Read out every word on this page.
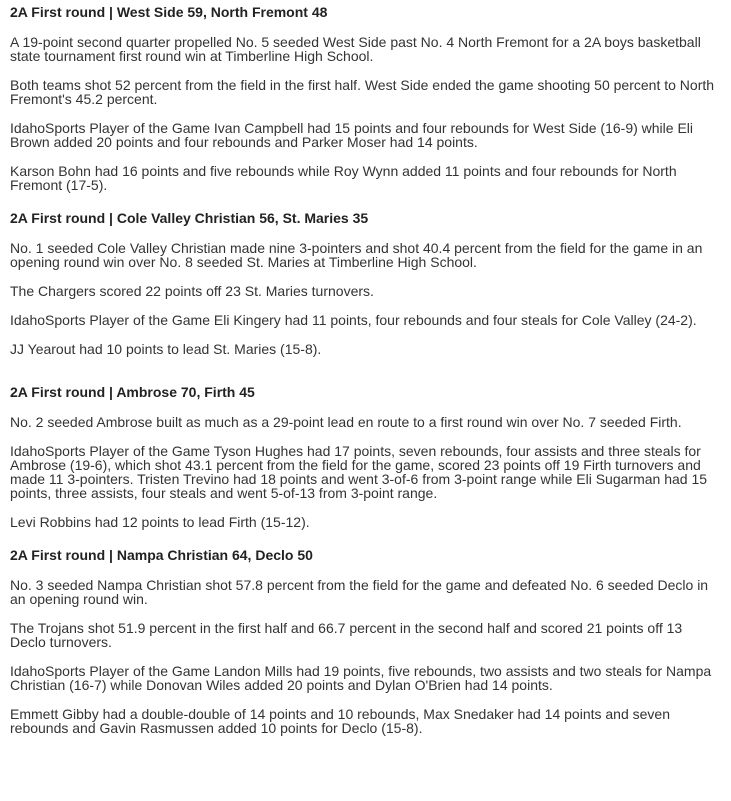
2A First round | West Side 59, North Fremont 48

A 19-point second quarter propelled No. 5 seeded West Side past No. 4 North Fremont for a 2A boys basketball state tournament first round win at Timberline High School.

Both teams shot 52 percent from the field in the first half. West Side ended the game shooting 50 percent to North Fremont's 45.2 percent.

IdahoSports Player of the Game Ivan Campbell had 15 points and four rebounds for West Side (16-9) while Eli Brown added 20 points and four rebounds and Parker Moser had 14 points.

Karson Bohn had 16 points and five rebounds while Roy Wynn added 11 points and four rebounds for North Fremont (17-5).

2A First round | Cole Valley Christian 56, St. Maries 35

No. 1 seeded Cole Valley Christian made nine 3-pointers and shot 40.4 percent from the field for the game in an opening round win over No. 8 seeded St. Maries at Timberline High School.

The Chargers scored 22 points off 23 St. Maries turnovers.

IdahoSports Player of the Game Eli Kingery had 11 points, four rebounds and four steals for Cole Valley (24-2).

JJ Yearout had 10 points to lead St. Maries (15-8).

2A First round | Ambrose 70, Firth 45

No. 2 seeded Ambrose built as much as a 29-point lead en route to a first round win over No. 7 seeded Firth.

IdahoSports Player of the Game Tyson Hughes had 17 points, seven rebounds, four assists and three steals for Ambrose (19-6), which shot 43.1 percent from the field for the game, scored 23 points off 19 Firth turnovers and made 11 3-pointers. Tristen Trevino had 18 points and went 3-of-6 from 3-point range while Eli Sugarman had 15 points, three assists, four steals and went 5-of-13 from 3-point range.

Levi Robbins had 12 points to lead Firth (15-12).

2A First round | Nampa Christian 64, Declo 50

No. 3 seeded Nampa Christian shot 57.8 percent from the field for the game and defeated No. 6 seeded Declo in an opening round win.

The Trojans shot 51.9 percent in the first half and 66.7 percent in the second half and scored 21 points off 13 Declo turnovers.

IdahoSports Player of the Game Landon Mills had 19 points, five rebounds, two assists and two steals for Nampa Christian (16-7) while Donovan Wiles added 20 points and Dylan O'Brien had 14 points.

Emmett Gibby had a double-double of 14 points and 10 rebounds, Max Snedaker had 14 points and seven rebounds and Gavin Rasmussen added 10 points for Declo (15-8).
